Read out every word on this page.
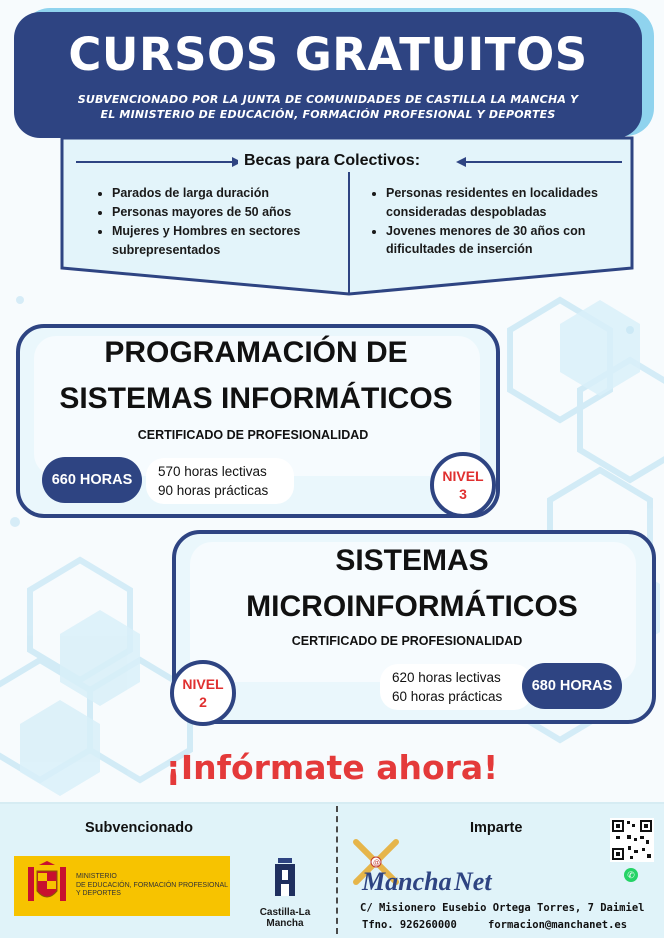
CURSOS GRATUITOS
SUBVENCIONADO POR LA JUNTA DE COMUNIDADES DE CASTILLA LA MANCHA Y
EL MINISTERIO DE EDUCACIÓN, FORMACIÓN PROFESIONAL Y DEPORTES
Becas para Colectivos:
• Parados de larga duración
• Personas mayores de 50 años
• Mujeres y Hombres en sectores subrepresentados
• Personas residentes en localidades consideradas despobladas
• Jovenes menores de 30 años con dificultades de inserción
PROGRAMACIÓN DE
SISTEMAS INFORMÁTICOS
CERTIFICADO DE PROFESIONALIDAD
570 horas lectivas
90 horas prácticas
660 HORAS	NIVEL
3
SISTEMAS
MICROINFORMÁTICOS
CERTIFICADO DE PROFESIONALIDAD
620 horas lectivas
60 horas prácticas
680 HORAS
NIVEL
2
¡Infórmate ahora!
Subvencionado	Imparte
MINISTERIO
DE EDUCACIÓN, FORMACIÓN PROFESIONAL
Y DEPORTES
Castilla-La Mancha
@
Mancha Net	✆
C/ Misionero Eusebio Ortega Torres, 7 Daimiel
Tfno. 926260000	formacion@manchanet.es
